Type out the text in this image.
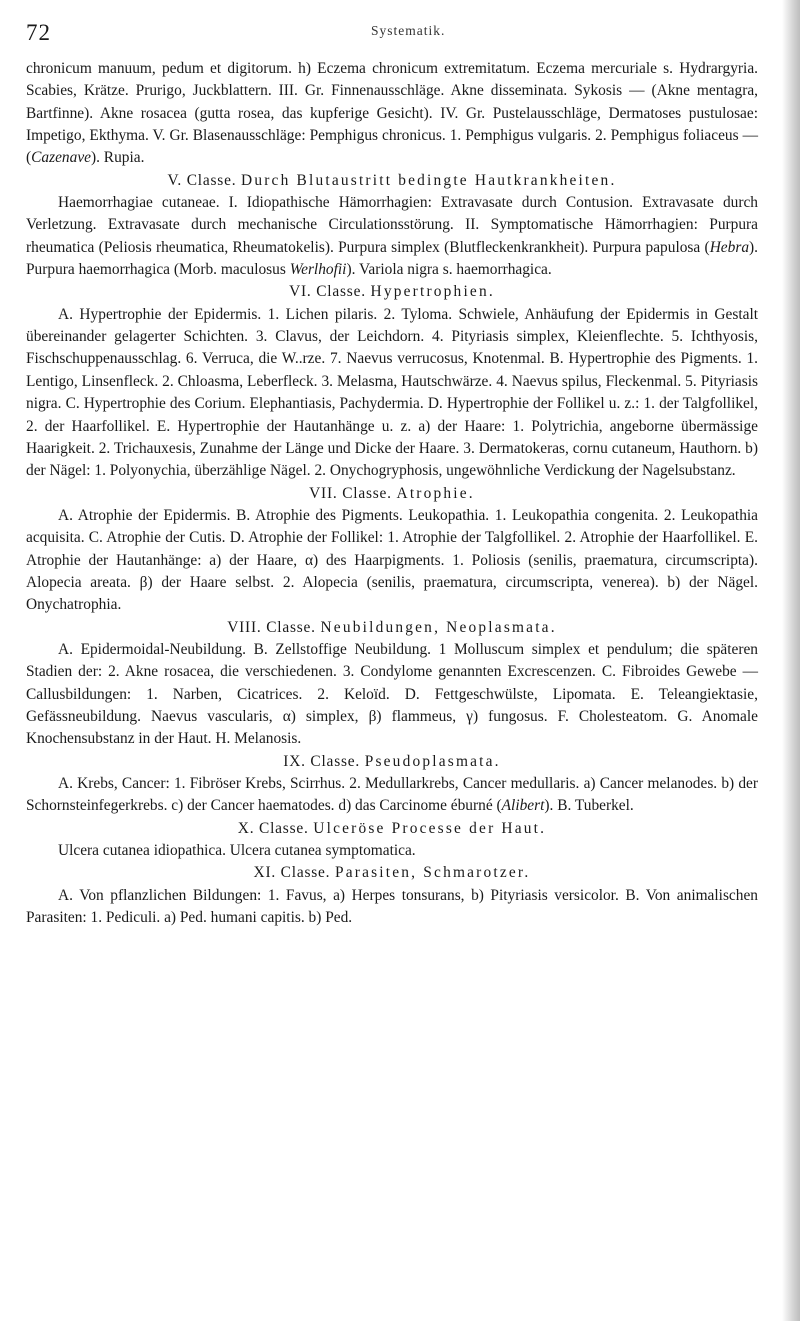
72	Systematik.

chronicum manuum, pedum et digitorum. h) Eczema chronicum extremitatum. Eczema mercuriale s. Hydrargyria. Scabies, Krätze. Prurigo, Juckblattern. III. Gr. Finnenausschläge. Akne disseminata. Sykosis — (Akne mentagra, Bartfinne). Akne rosacea (gutta rosea, das kupferige Gesicht). IV. Gr. Pustelausschläge, Dermatoses pustulosae: Impetigo, Ekthyma. V. Gr. Blasenausschläge: Pemphigus chronicus. 1. Pemphigus vulgaris. 2. Pemphigus foliaceus — (Cazenave). Rupia.

V. Classe. Durch Blutaustritt bedingte Hautkrankheiten.

Haemorrhagiae cutaneae. I. Idiopathische Hämorrhagien: Extravasate durch Contusion. Extravasate durch Verletzung. Extravasate durch mechanische Circulationsstörung. II. Symptomatische Hämorrhagien: Purpura rheumatica (Peliosis rheumatica, Rheumatokelis). Purpura simplex (Blutfleckenkrankheit). Purpura papulosa (Hebra). Purpura haemorrhagica (Morb. maculosus Werlhofii). Variola nigra s. haemorrhagica.

VI. Classe. Hypertrophien.

A. Hypertrophie der Epidermis. 1. Lichen pilaris. 2. Tyloma. Schwiele, Anhäufung der Epidermis in Gestalt übereinander gelagerter Schichten. 3. Clavus, der Leichdorn. 4. Pityriasis simplex, Kleienflechte. 5. Ichthyosis, Fischschuppenausschlag. 6. Verruca, die W..rze. 7. Naevus verrucosus, Knotenmal. B. Hypertrophie des Pigments. 1. Lentigo, Linsenfleck. 2. Chloasma, Leberfleck. 3. Melasma, Hautschwärze. 4. Naevus spilus, Fleckenmal. 5. Pityriasis nigra. C. Hypertrophie des Corium. Elephantiasis, Pachydermia. D. Hypertrophie der Follikel u. z.: 1. der Talgfollikel, 2. der Haarfollikel. E. Hypertrophie der Hautanhänge u. z. a) der Haare: 1. Polytrichia, angeborne übermässige Haarigkeit. 2. Trichauxesis, Zunahme der Länge und Dicke der Haare. 3. Dermatokeras, cornu cutaneum, Hauthorn. b) der Nägel: 1. Polyonychia, überzählige Nägel. 2. Onychogryphosis, ungewöhnliche Verdickung der Nagelsubstanz.

VII. Classe. Atrophie.

A. Atrophie der Epidermis. B. Atrophie des Pigments. Leukopathia. 1. Leukopathia congenita. 2. Leukopathia acquisita. C. Atrophie der Cutis. D. Atrophie der Follikel: 1. Atrophie der Talgfollikel. 2. Atrophie der Haarfollikel. E. Atrophie der Hautanhänge: a) der Haare, α) des Haarpigments. 1. Poliosis (senilis, praematura, circumscripta). Alopecia areata. β) der Haare selbst. 2. Alopecia (senilis, praematura, circumscripta, venerea). b) der Nägel. Onychatrophia.

VIII. Classe. Neubildungen, Neoplasmata.

A. Epidermoidal-Neubildung. B. Zellstoffige Neubildung. 1 Molluscum simplex et pendulum; die späteren Stadien der: 2. Akne rosacea, die verschiedenen. 3. Condylome genannten Excrescenzen. C. Fibroides Gewebe — Callusbildungen: 1. Narben, Cicatrices. 2. Keloïd. D. Fettgeschwülste, Lipomata. E. Teleangiektasie, Gefässneubildung. Naevus vascularis, α) simplex, β) flammeus, γ) fungosus. F. Cholesteatom. G. Anomale Knochensubstanz in der Haut. H. Melanosis.

IX. Classe. Pseudoplasmata.

A. Krebs, Cancer: 1. Fibröser Krebs, Scirrhus. 2. Medullarkrebs, Cancer medullaris. a) Cancer melanodes. b) der Schornsteinfegerkrebs. c) der Cancer haematodes. d) das Carcinome éburné (Alibert). B. Tuberkel.

X. Classe. Ulceröse Processe der Haut.

Ulcera cutanea idiopathica. Ulcera cutanea symptomatica.

XI. Classe. Parasiten, Schmarotzer.

A. Von pflanzlichen Bildungen: 1. Favus, a) Herpes tonsurans, b) Pityriasis versicolor. B. Von animalischen Parasiten: 1. Pediculi. a) Ped. humani capitis. b) Ped.
